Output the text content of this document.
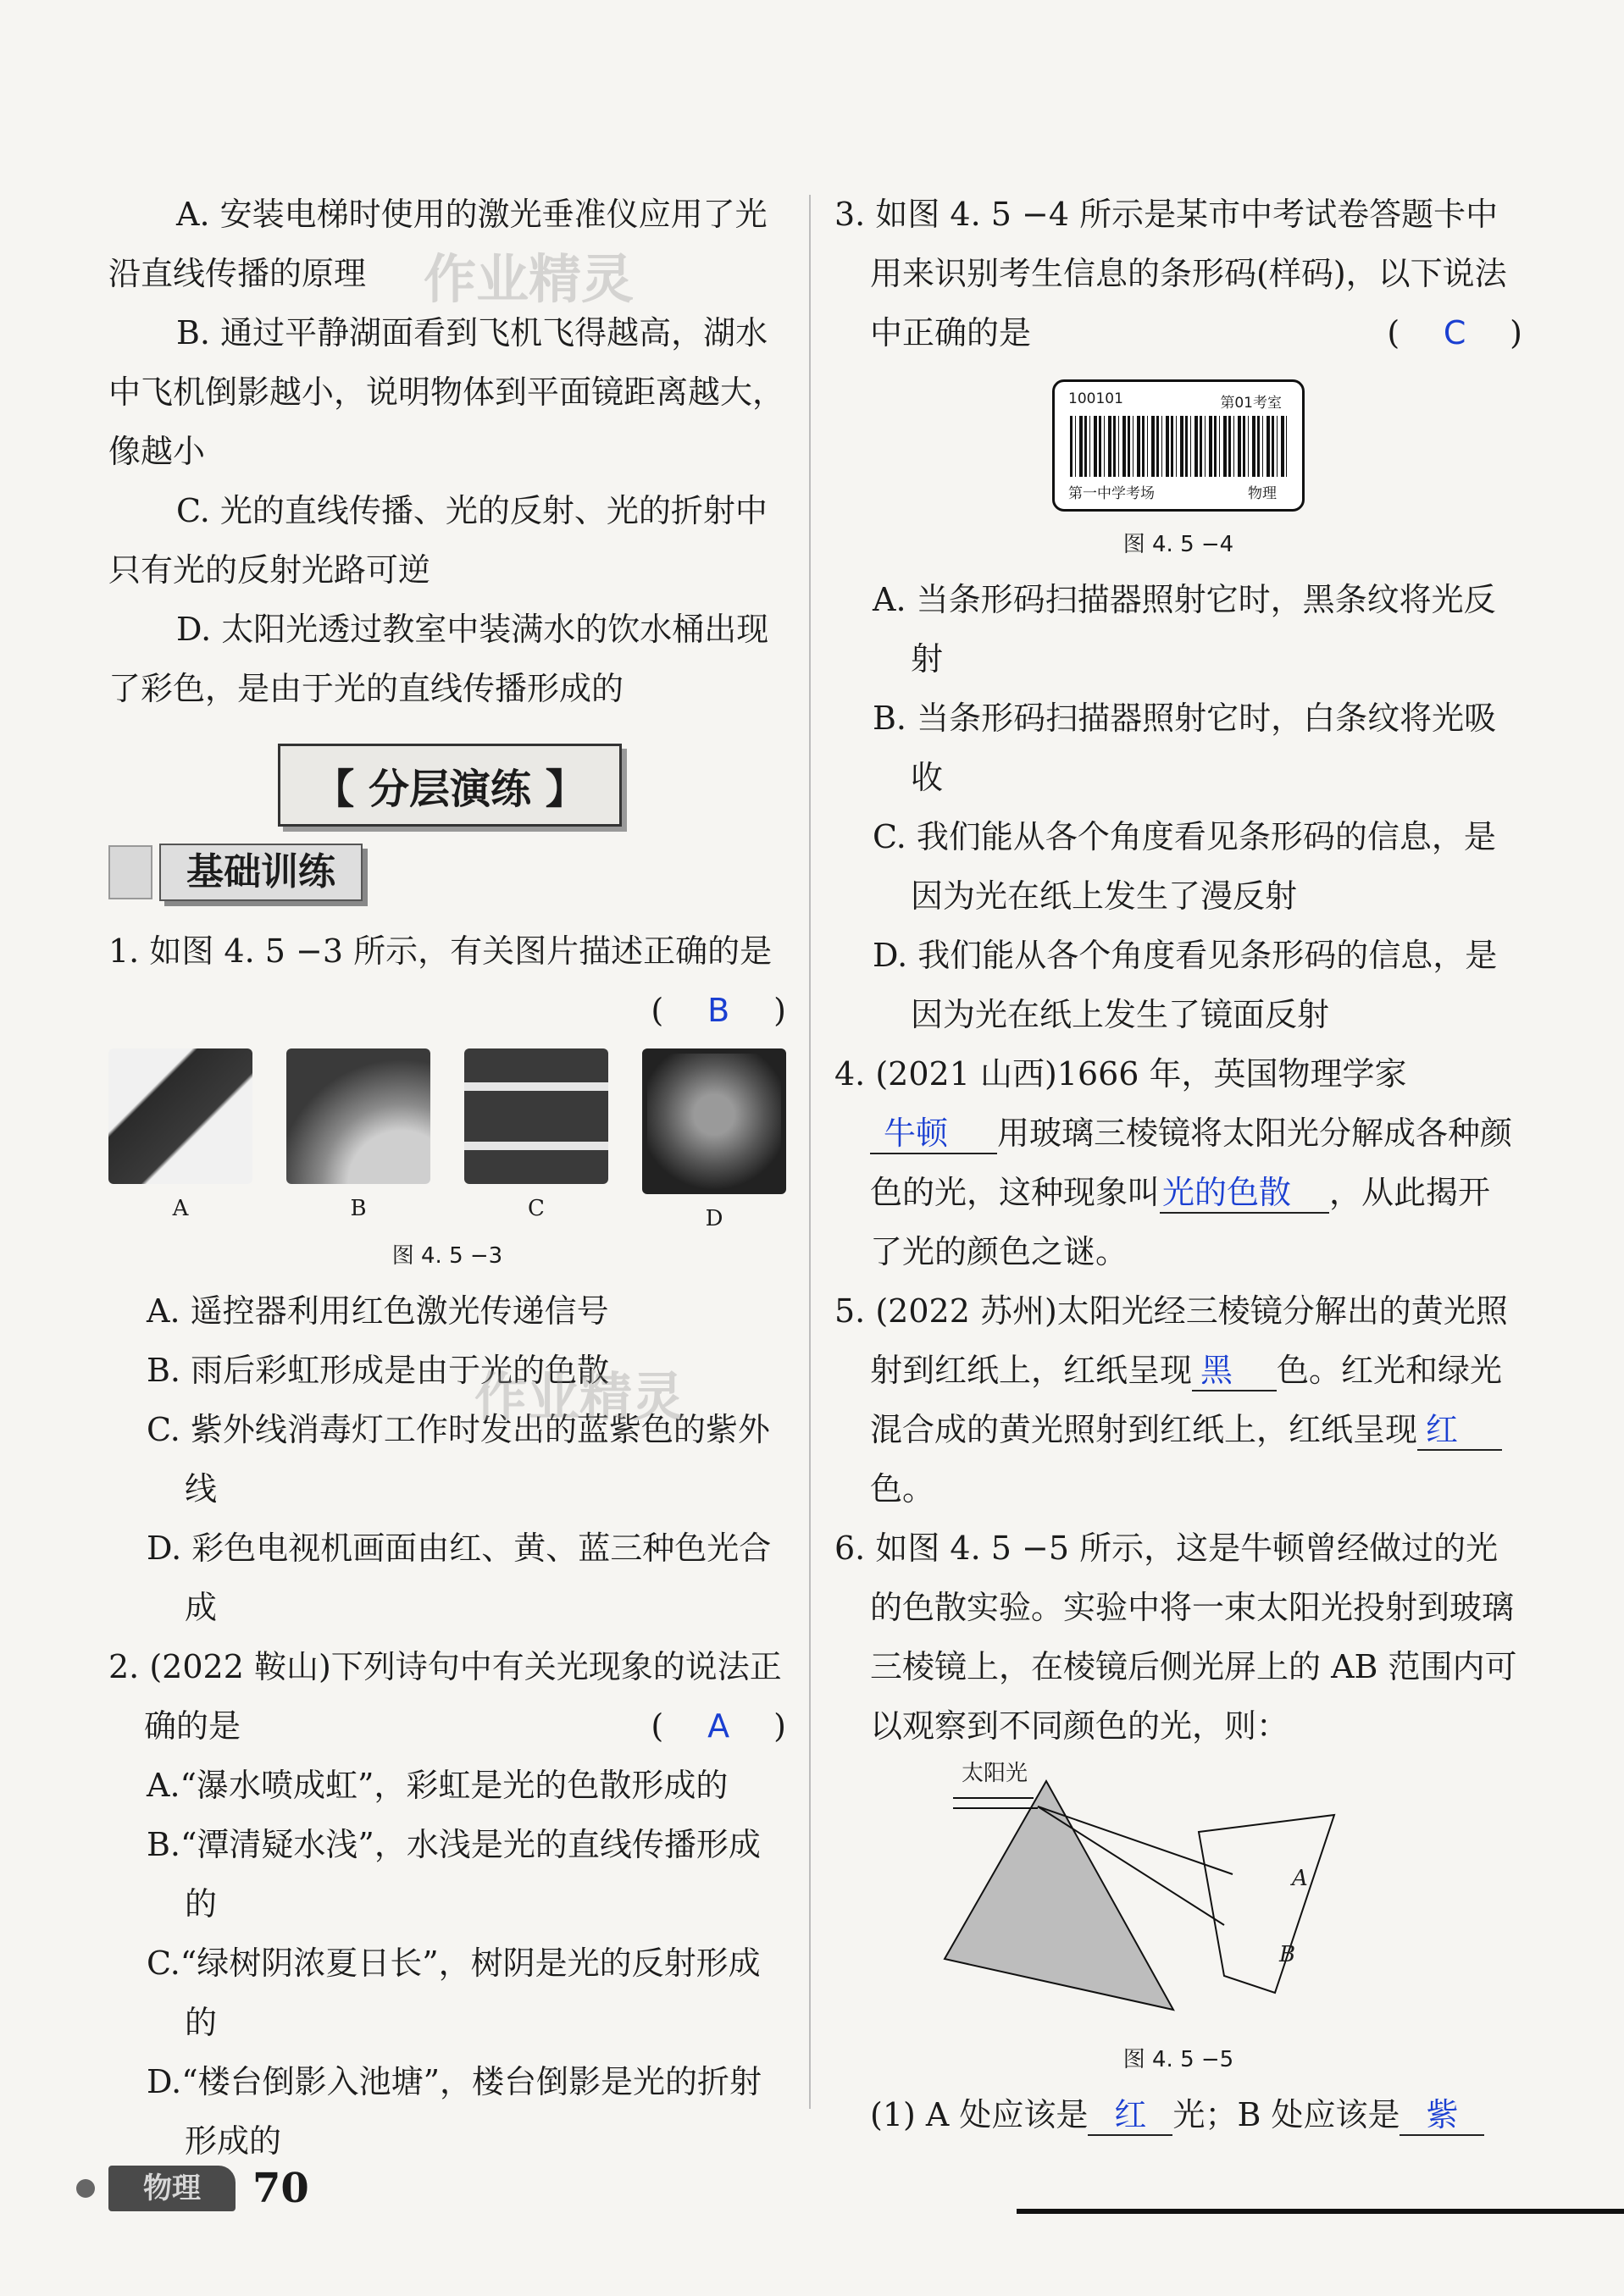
A. 安装电梯时使用的激光垂准仪应用了光沿直线传播的原理
B. 通过平静湖面看到飞机飞得越高，湖水中飞机倒影越小，说明物体到平面镜距离越大，像越小
C. 光的直线传播、光的反射、光的折射中只有光的反射光路可逆
D. 太阳光透过教室中装满水的饮水桶出现了彩色，是由于光的直线传播形成的
【 分层演练 】
基础训练
1. 如图 4. 5 −3 所示，有关图片描述正确的是
(	B	)
A	B	C	D
图 4. 5 −3
A. 遥控器利用红色激光传递信号
B. 雨后彩虹形成是由于光的色散
C. 紫外线消毒灯工作时发出的蓝紫色的紫外线
D. 彩色电视机画面由红、黄、蓝三种色光合成
2. (2022 鞍山)下列诗句中有关光现象的说法正确的是	(	A	)
A.“瀑水喷成虹”，彩虹是光的色散形成的
B.“潭清疑水浅”，水浅是光的直线传播形成的
C.“绿树阴浓夏日长”，树阴是光的反射形成的
D.“楼台倒影入池塘”，楼台倒影是光的折射形成的
3. 如图 4. 5 −4 所示是某市中考试卷答题卡中用来识别考生信息的条形码(样码)，以下说法中正确的是	(	C	)
100101	第01考室
第一中学考场	物理
图 4. 5 −4
A. 当条形码扫描器照射它时，黑条纹将光反射
B. 当条形码扫描器照射它时，白条纹将光吸收
C. 我们能从各个角度看见条形码的信息，是因为光在纸上发生了漫反射
D. 我们能从各个角度看见条形码的信息，是因为光在纸上发生了镜面反射
4. (2021 山西)1666 年，英国物理学家牛顿 用玻璃三棱镜将太阳光分解成各种颜色的光，这种现象叫光的色散 ，从此揭开了光的颜色之谜。
5. (2022 苏州)太阳光经三棱镜分解出的黄光照射到红纸上，红纸呈现 黑 色。红光和绿光混合成的黄光照射到红纸上，红纸呈现 红色。
6. 如图 4. 5 −5 所示，这是牛顿曾经做过的光的色散实验。实验中将一束太阳光投射到玻璃三棱镜上，在棱镜后侧光屏上的 AB 范围内可以观察到不同颜色的光，则：
太阳光
A
B
图 4. 5 −5
(1) A 处应该是 红 光；B 处应该是 紫
作业精灵
作业精灵
物理	70
